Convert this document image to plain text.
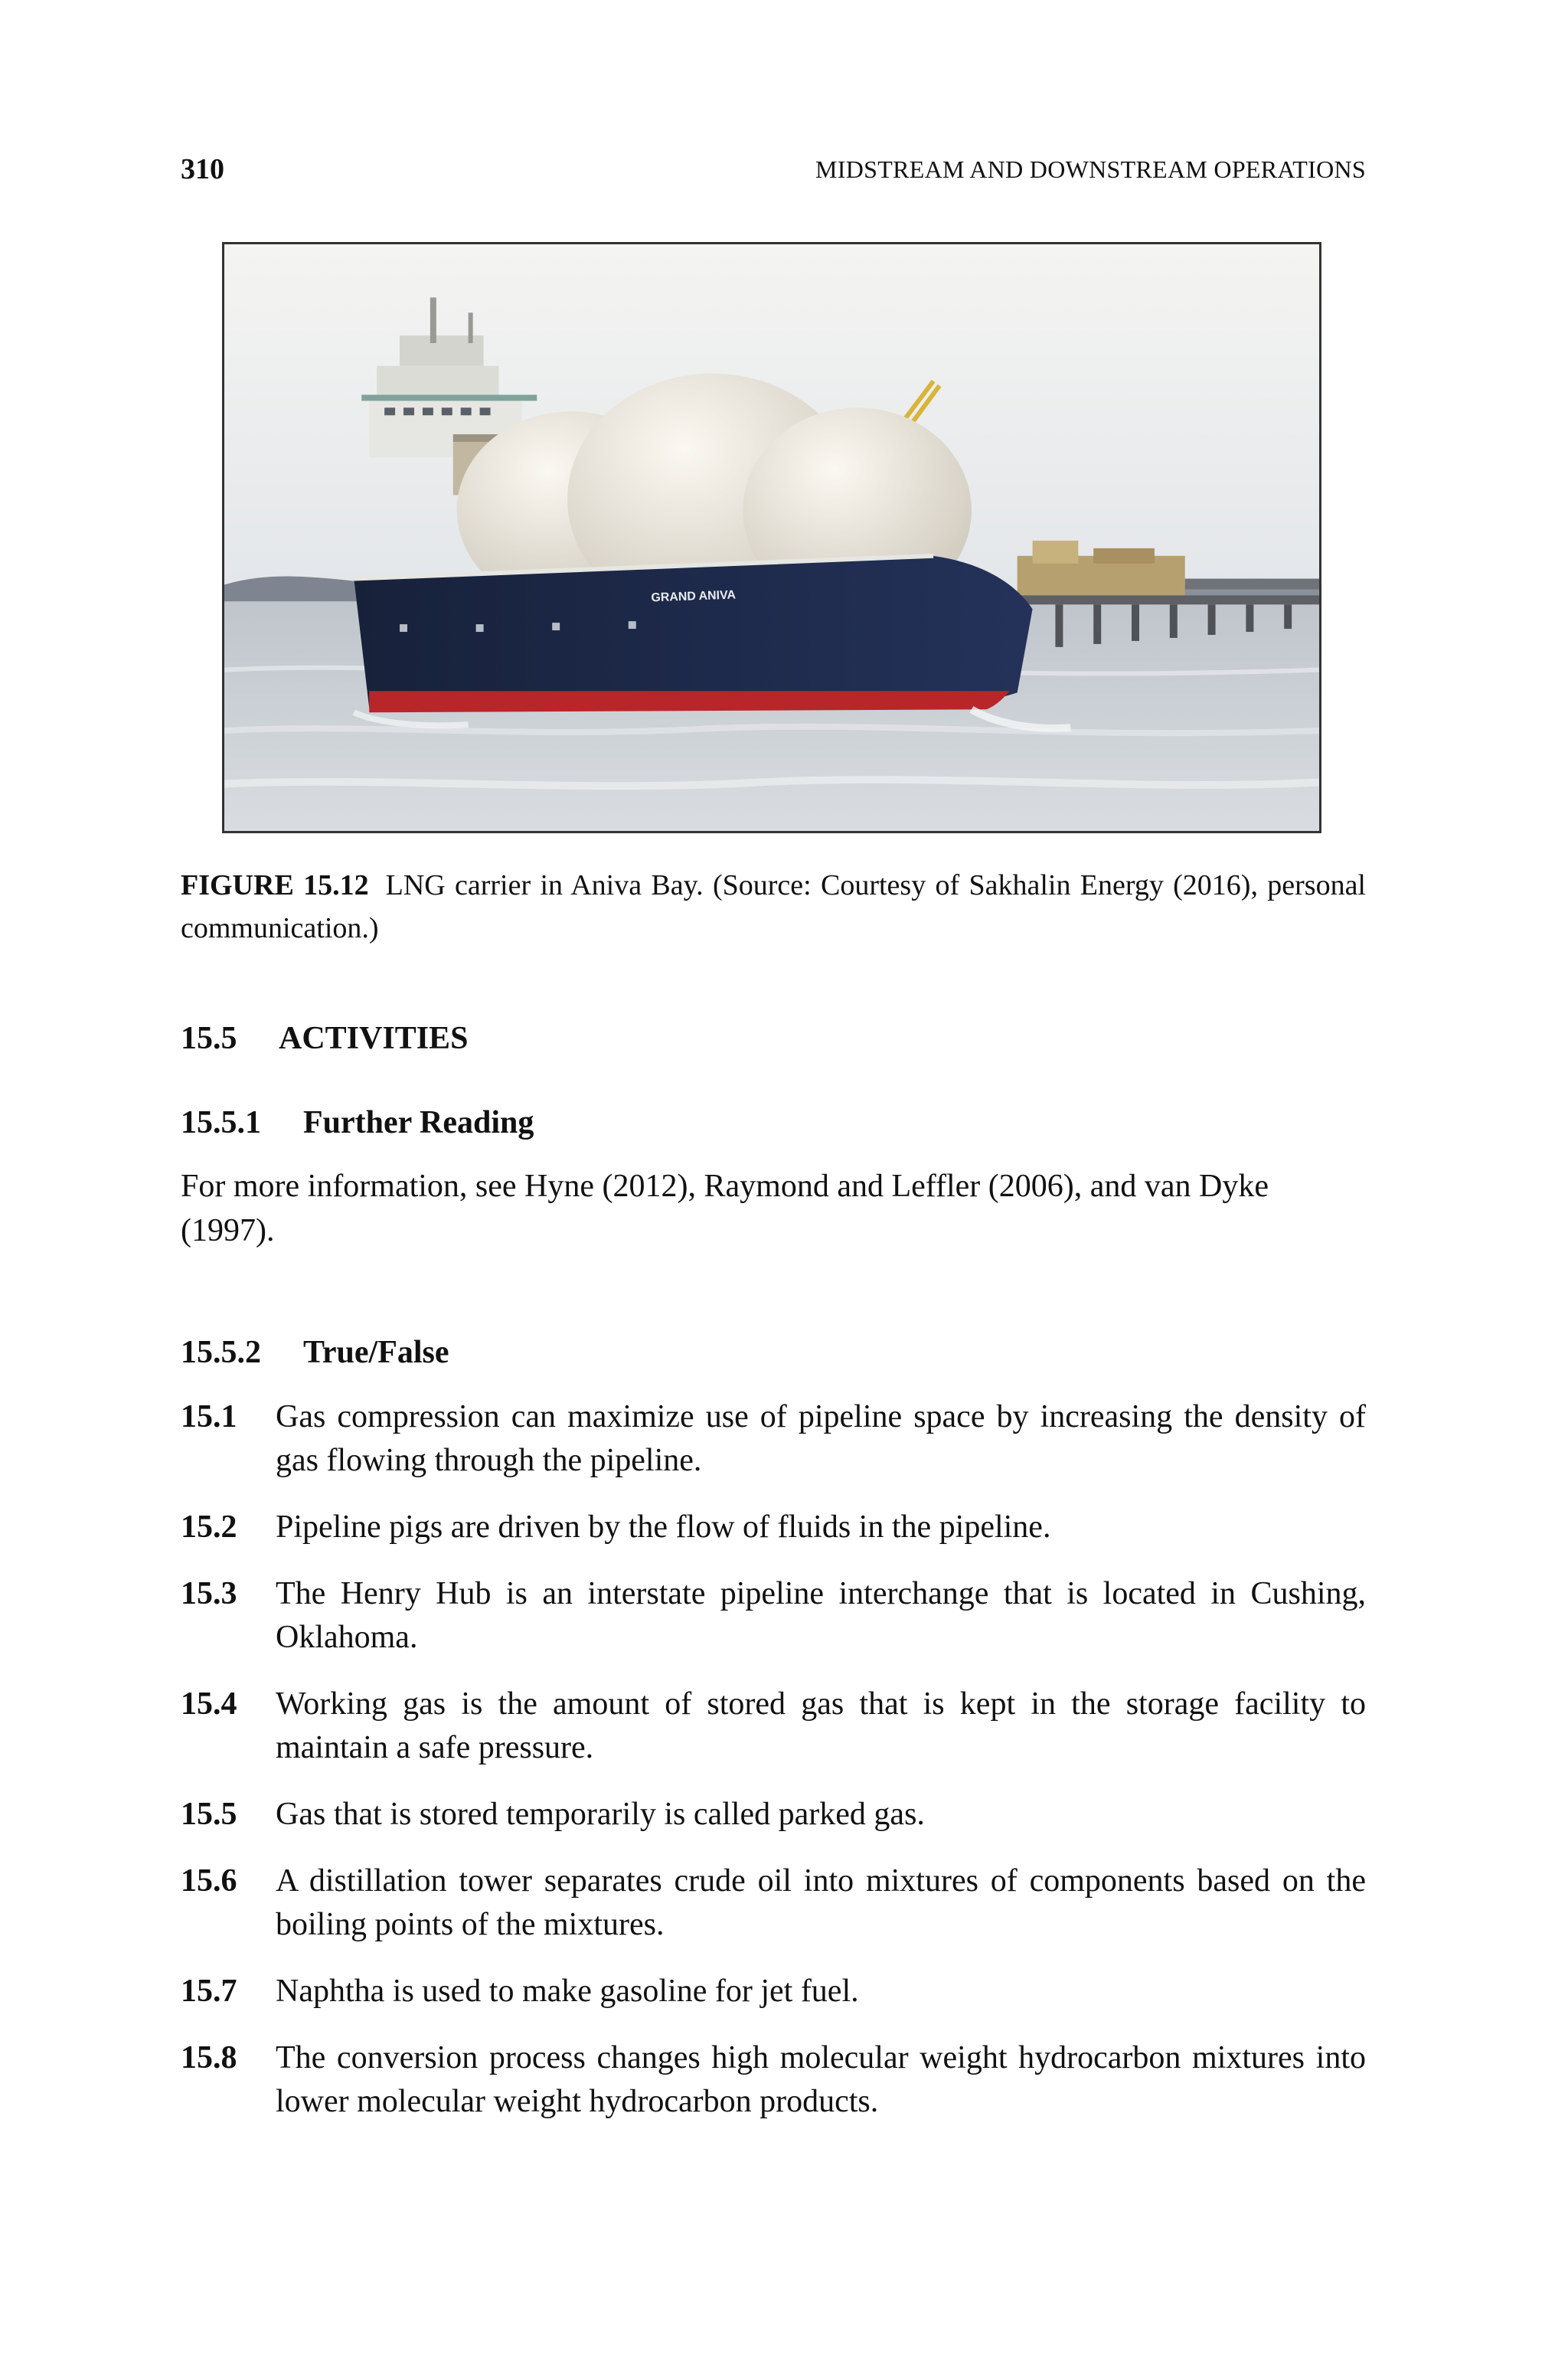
310	MIDSTREAM AND DOWNSTREAM OPERATIONS
GRAND ANIVA
FIGURE 15.12 LNG carrier in Aniva Bay. (Source: Courtesy of Sakhalin Energy (2016), personal communication.)
15.5 ACTIVITIES
15.5.1 Further Reading

For more information, see Hyne (2012), Raymond and Leffler (2006), and van Dyke (1997).

15.5.2 True/False
15.1	Gas compression can maximize use of pipeline space by increasing the density of gas flowing through the pipeline.
15.2	Pipeline pigs are driven by the flow of fluids in the pipeline.
15.3	The Henry Hub is an interstate pipeline interchange that is located in Cushing, Oklahoma.
15.4	Working gas is the amount of stored gas that is kept in the storage facility to maintain a safe pressure.
15.5	Gas that is stored temporarily is called parked gas.
15.6	A distillation tower separates crude oil into mixtures of components based on the boiling points of the mixtures.
15.7	Naphtha is used to make gasoline for jet fuel.
15.8	The conversion process changes high molecular weight hydrocarbon mixtures into lower molecular weight hydrocarbon products.
